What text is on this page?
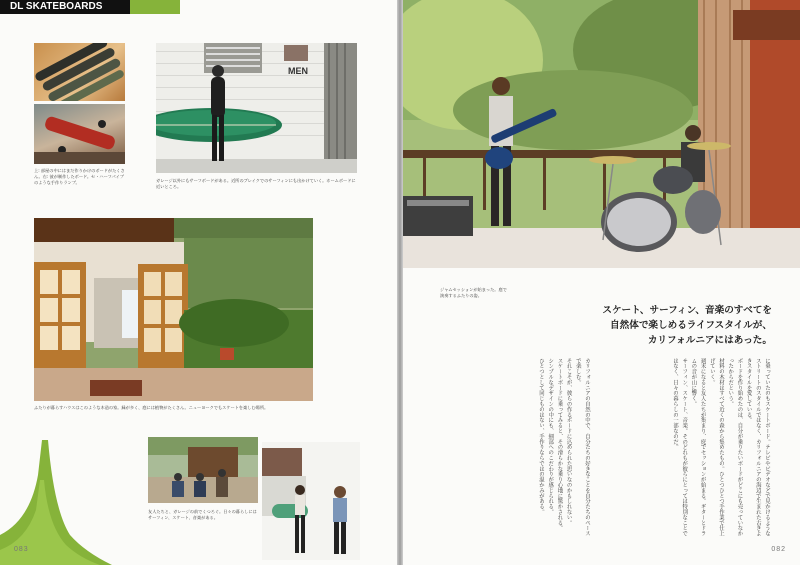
DL SKATEBOARDS
上: 部屋の中にはまだ作りかけのボードがたくさん。右: 彼が制作したボード。セ・ハーフパイプのような手作りランプ。
MEN
ガレージ以外にもサーフボードがある。近所のブレイクでのサーフィンにも出かけていく。ホームボードに近いところ。
ふたりが暮らすハウスはこのような木造の家。緑が多く、庭には植物がたくさん。ニューヨークでもスケートを楽しむ場所。
友人たちと、ガレージの前でくつろぐ。日々の暮らしにはサーフィン、スケート、音楽がある。
083
ジャムセッションが始まった。庭で演奏するふたりの姿。
スケート、サーフィン、音楽のすべてを
自然体で楽しめるライフスタイルが、
カリフォルニアにはあった。

に乗っていたのもスケートボード。テレビやビデオなどで見かけるようなストリートのスタイルではなく、カリフォルニアの海辺で生まれた古きよきスタイルを愛している。

ボードを作り始めたのは、自分が乗りたいボードがどこにも売っていなかったからだという。

材料の木材はすべて近くの森から集めたもの。ひとつひとつ手作業で仕上げていく。

週末になると友人たちが集まり、庭でセッションが始まる。ギターとドラムの音が山に響く。

サーフィン、スケート、音楽。そのどれもが彼らにとっては特別なことではなく、日々の暮らしの一部なのだ。

カリフォルニアの自然の中で、自分たちの好きなことを自分たちのペースで楽しむ。

それこそが、彼らの作るボードに込められた思いなのかもしれない。

スケートボードに乗ってみると、その滑らかな乗り心地に驚かされる。

シンプルなデザインの中にも、細部へのこだわりが感じられる。

ひとつとして同じものはない、手作りならではの温かみがある。

082
